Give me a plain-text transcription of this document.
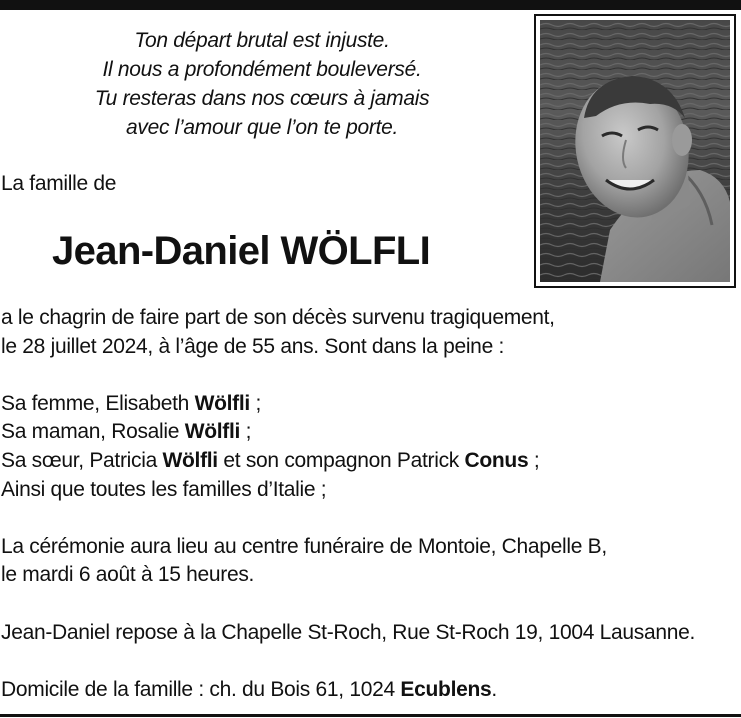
Ton départ brutal est injuste.
Il nous a profondément bouleversé.
Tu resteras dans nos cœurs à jamais
avec l’amour que l’on te porte.
La famille de
Jean-Daniel WÖLFLI
a le chagrin de faire part de son décès survenu tragiquement,
le 28 juillet 2024, à l’âge de 55 ans. Sont dans la peine :
Sa femme, Elisabeth Wölfli ;
Sa maman, Rosalie Wölfli ;
Sa sœur, Patricia Wölfli et son compagnon Patrick Conus ;
Ainsi que toutes les familles d’Italie ;
La cérémonie aura lieu au centre funéraire de Montoie, Chapelle B,
le mardi 6 août à 15 heures.
Jean-Daniel repose à la Chapelle St-Roch, Rue St-Roch 19, 1004 Lausanne.
Domicile de la famille : ch. du Bois 61, 1024 Ecublens.
